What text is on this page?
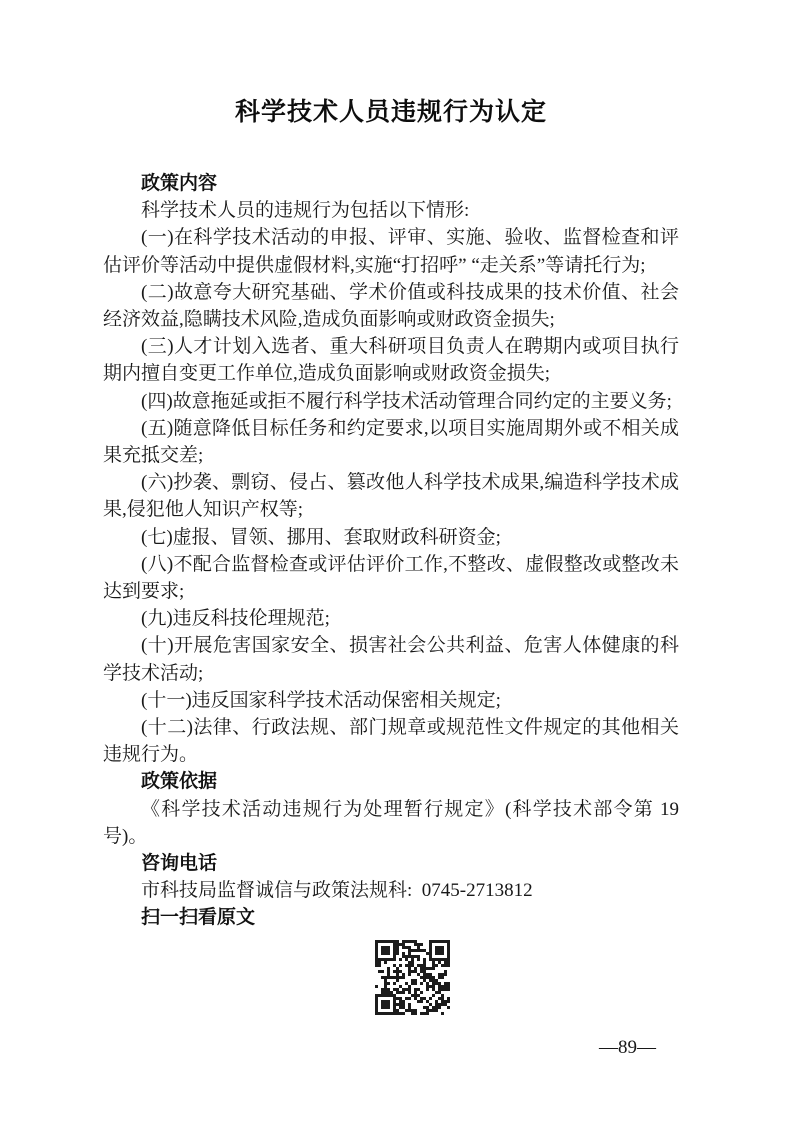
科学技术人员违规行为认定
政策内容

科学技术人员的违规行为包括以下情形:

(一)在科学技术活动的申报、评审、实施、验收、监督检查和评估评价等活动中提供虚假材料,实施“打招呼” “走关系”等请托行为;

(二)故意夸大研究基础、学术价值或科技成果的技术价值、社会经济效益,隐瞒技术风险,造成负面影响或财政资金损失;

(三)人才计划入选者、重大科研项目负责人在聘期内或项目执行期内擅自变更工作单位,造成负面影响或财政资金损失;

(四)故意拖延或拒不履行科学技术活动管理合同约定的主要义务;

(五)随意降低目标任务和约定要求,以项目实施周期外或不相关成果充抵交差;

(六)抄袭、剽窃、侵占、篡改他人科学技术成果,编造科学技术成果,侵犯他人知识产权等;

(七)虚报、冒领、挪用、套取财政科研资金;

(八)不配合监督检查或评估评价工作,不整改、虚假整改或整改未达到要求;

(九)违反科技伦理规范;

(十)开展危害国家安全、损害社会公共利益、危害人体健康的科学技术活动;

(十一)违反国家科学技术活动保密相关规定;

(十二)法律、行政法规、部门规章或规范性文件规定的其他相关违规行为。

政策依据

《科学技术活动违规行为处理暂行规定》(科学技术部令第 19 号)。

咨询电话

市科技局监督诚信与政策法规科:  0745-2713812

扫一扫看原文
—89—
